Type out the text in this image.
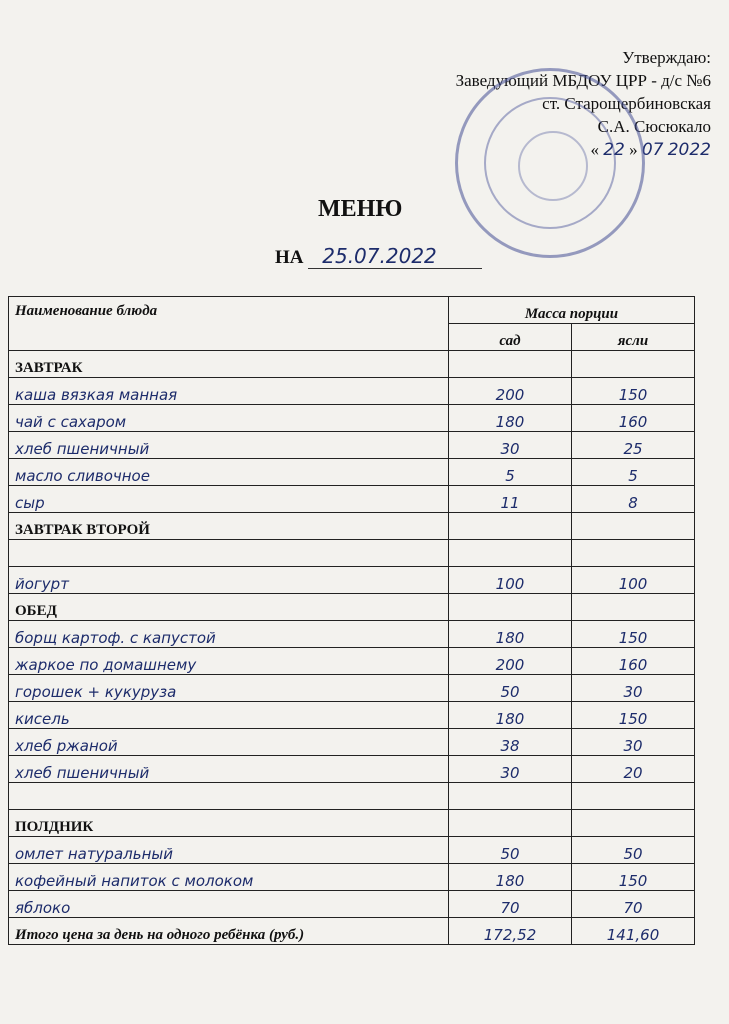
Утверждаю:
Заведующий МБДОУ ЦРР - д/с №6
ст. Старощербиновская
С.А. Сюсюкало
« 22 » 07 2022
МЕНЮ
НА 25.07.2022
Наименование блюда	Масса порции	
	сад	ясли
ЗАВТРАК		
каша вязкая манная	200	150
чай с сахаром	180	160
хлеб пшеничный	30	25
масло сливочное	5	5
сыр	11	8
ЗАВТРАК ВТОРОЙ		

йогурт	100	100
ОБЕД		
борщ картоф. с капустой	180	150
жаркое по домашнему	200	160
горошек + кукуруза	50	30
кисель	180	150
хлеб ржаной	38	30
хлеб пшеничный	30	20

ПОЛДНИК		
омлет натуральный	50	50
кофейный напиток с молоком	180	150
яблоко	70	70
Итого цена за день на одного ребёнка (руб.)	172,52	141,60
